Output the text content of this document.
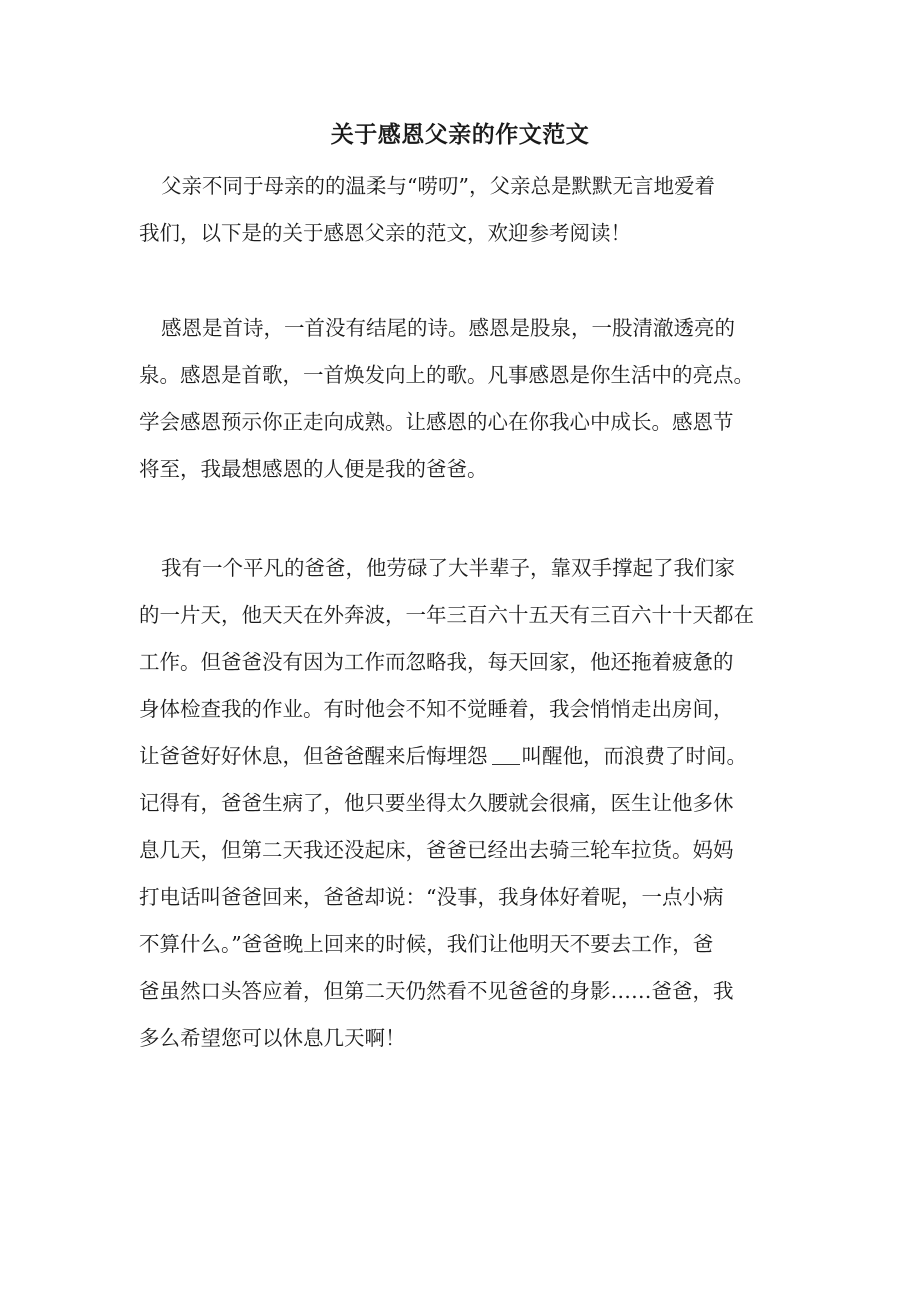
关于感恩父亲的作文范文
父亲不同于母亲的的温柔与“唠叨”，父亲总是默默无言地爱着
我们，以下是的关于感恩父亲的范文，欢迎参考阅读！
感恩是首诗，一首没有结尾的诗。感恩是股泉，一股清澈透亮的
泉。感恩是首歌，一首焕发向上的歌。凡事感恩是你生活中的亮点。
学会感恩预示你正走向成熟。让感恩的心在你我心中成长。感恩节
将至，我最想感恩的人便是我的爸爸。
我有一个平凡的爸爸，他劳碌了大半辈子，靠双手撑起了我们家
的一片天，他天天在外奔波，一年三百六十五天有三百六十十天都在
工作。但爸爸没有因为工作而忽略我，每天回家，他还拖着疲惫的
身体检查我的作业。有时他会不知不觉睡着，我会悄悄走出房间，
让爸爸好好休息，但爸爸醒来后悔埋怨 叫醒他，而浪费了时间。
记得有，爸爸生病了，他只要坐得太久腰就会很痛，医生让他多休
息几天，但第二天我还没起床，爸爸已经出去骑三轮车拉货。妈妈
打电话叫爸爸回来，爸爸却说：“没事，我身体好着呢，一点小病
不算什么。”爸爸晚上回来的时候，我们让他明天不要去工作，爸
爸虽然口头答应着，但第二天仍然看不见爸爸的身影……爸爸，我
多么希望您可以休息几天啊！
